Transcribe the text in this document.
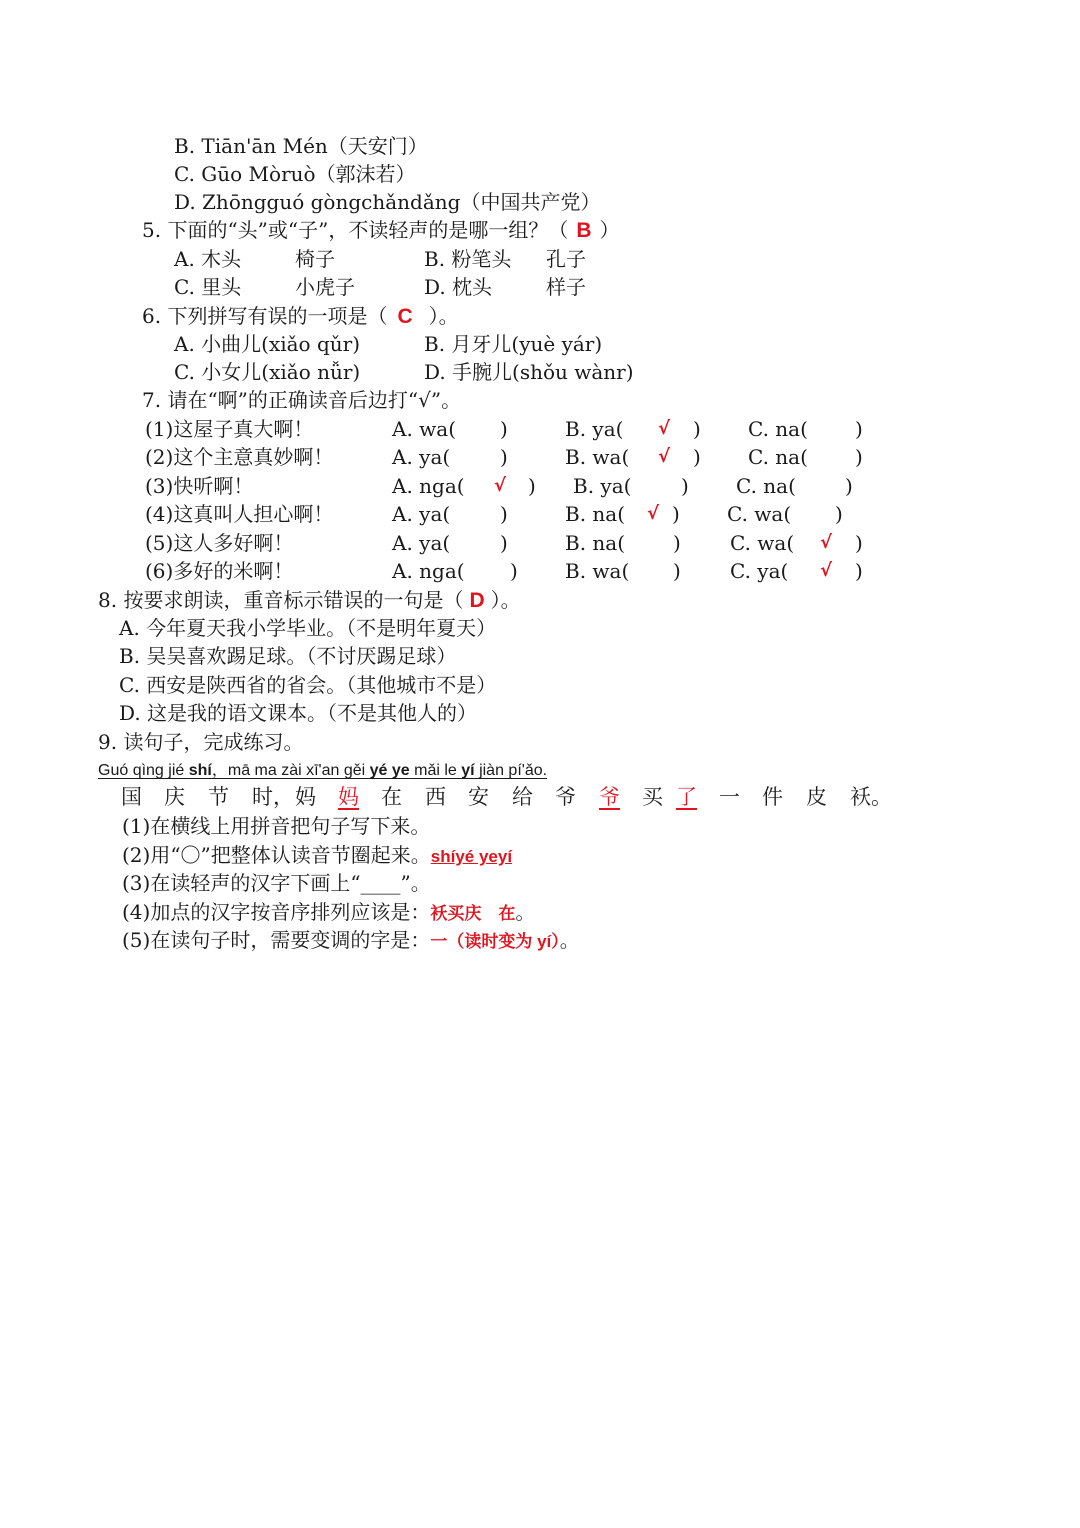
B. Tiān'ān Mén（天安门）
C. Gūo Mòruò（郭沫若）
D. Zhōngguó gòngchǎndǎng（中国共产党）
5. 下面的“头”或“子”，不读轻声的是哪一组？（ B ）
A. 木头	椅子	B. 粉笔头 孔子
C. 里头	小虎子	D. 枕头	样子
6. 下列拼写有误的一项是（ C ）。
A. 小曲儿(xiǎo qǔr)	B. 月牙儿(yuè yár)
C. 小女儿(xiǎo nǚr)	D. 手腕儿(shǒu wànr)
7. 请在“啊”的正确读音后边打“√”。
(1)这屋子真大啊！	A. wa( )	B. ya( √ ) C. na( )
(2)这个主意真妙啊！	A. ya( )	B. wa( √ ) C. na( )
(3)快听啊！	A. nga( √ ) B. ya( ) C. na( )
(4)这真叫人担心啊！	A. ya( )	B. na( √ ) C. wa( )
(5)这人多好啊！	A. ya( )	B. na( ) C. wa( √ )
(6)多好的米啊！	A. nga( ) B. wa( ) C. ya( √ )
8. 按要求朗读，重音标示错误的一句是（ D ）。
A. 今年夏天我小学毕业。（不是明年夏天）
B. 吴吴喜欢踢足球。（不讨厌踢足球）
C. 西安是陕西省的省会。（其他城市不是）
D. 这是我的语文课本。（不是其他人的）
9. 读句子，完成练习。
Guó qìng jié shí，mā ma zài xī'an gěi yé ye mǎi le yí jiàn pí'ǎo.
国 庆 节 时， 妈 妈 在 西 安 给 爷 爷 买 了 一 件 皮 袄。
(1)在横线上用拼音把句子写下来。
(2)用“〇”把整体认读音节圈起来。shíyé yeyí
(3)在读轻声的汉字下画上“____”。
(4)加点的汉字按音序排列应该是：袄买庆　在。
(5)在读句子时，需要变调的字是：一（读时变为 yí）。
